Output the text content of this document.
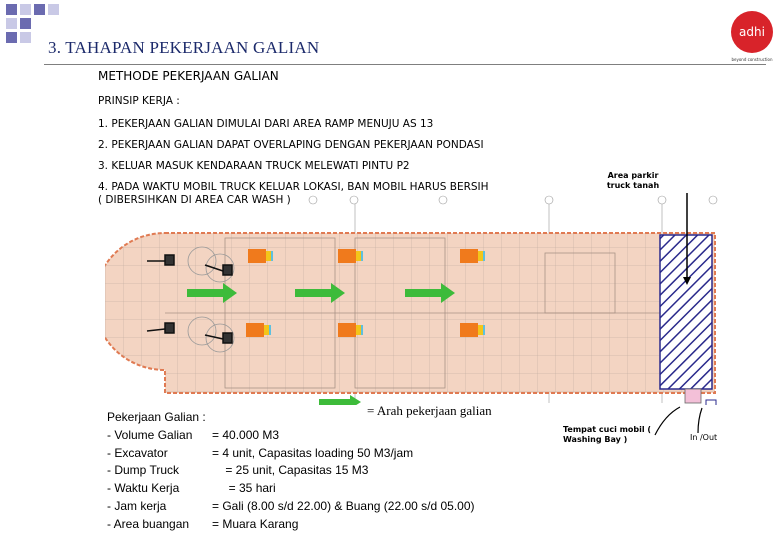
3. TAHAPAN PEKERJAAN GALIAN
adhi
beyond construction
METHODE PEKERJAAN GALIAN
PRINSIP KERJA :
1. PEKERJAAN GALIAN DIMULAI DARI AREA RAMP MENUJU AS 13
2. PEKERJAAN GALIAN DAPAT OVERLAPING DENGAN PEKERJAAN PONDASI
3. KELUAR MASUK KENDARAAN TRUCK MELEWATI PINTU P2
4. PADA WAKTU MOBIL TRUCK KELUAR LOKASI, BAN MOBIL HARUS BERSIH
( DIBERSIHKAN DI AREA CAR WASH )
= Arah pekerjaan galian
Area parkir
truck tanah
Tempat cuci mobil (
Washing Bay )	In /Out
Pekerjaan Galian :
- Volume Galian = 40.000 M3
- Excavator	= 4 unit, Capasitas loading 50 M3/jam
- Dump Truck	= 25 unit, Capasitas 15 M3
- Waktu Kerja	= 35 hari
- Jam kerja	= Gali (8.00 s/d 22.00) & Buang (22.00 s/d 05.00)
- Area buangan = Muara Karang
